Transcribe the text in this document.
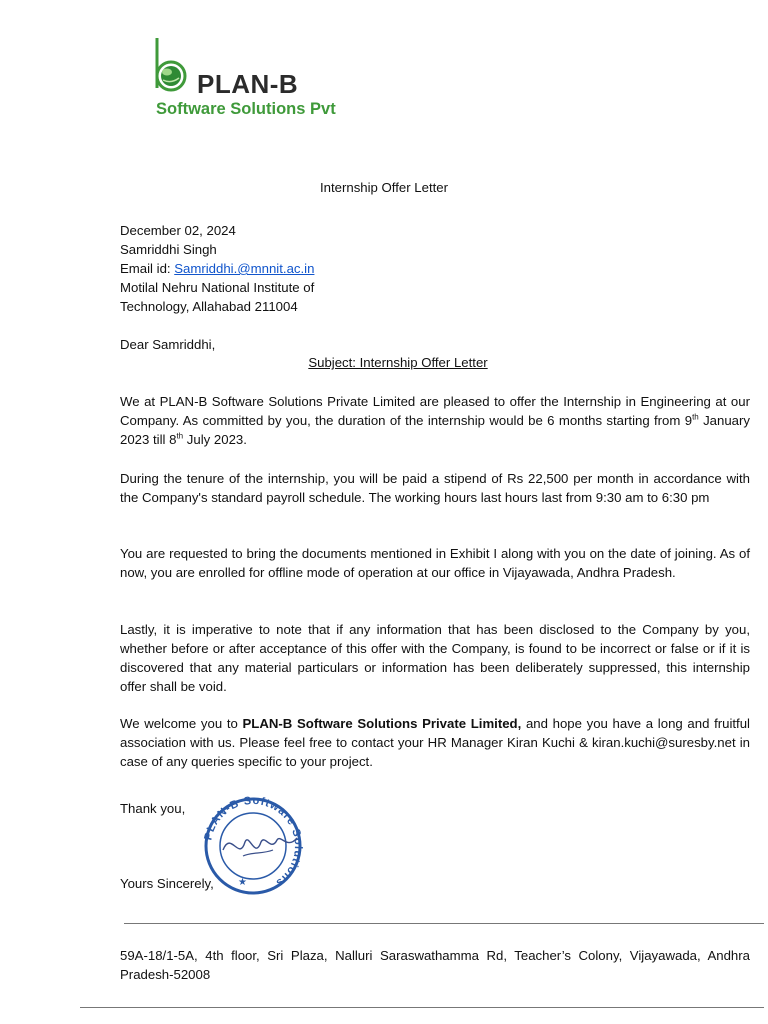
PLAN-B
Software Solutions Pvt
Internship Offer Letter
December 02, 2024
Samriddhi Singh
Email id: Samriddhi.@mnnit.ac.in
Motilal Nehru National Institute of
Technology, Allahabad 211004
Dear Samriddhi,
Subject: Internship Offer Letter
We at PLAN-B Software Solutions Private Limited are pleased to offer the Internship in Engineering at our Company. As committed by you, the duration of the internship would be 6 months starting from 9th January 2023 till 8th July 2023.
During the tenure of the internship, you will be paid a stipend of Rs 22,500 per month in accordance with the Company's standard payroll schedule. The working hours last hours last from 9:30 am to 6:30 pm
You are requested to bring the documents mentioned in Exhibit I along with you on the date of joining. As of now, you are enrolled for offline mode of operation at our office in Vijayawada, Andhra Pradesh.
Lastly, it is imperative to note that if any information that has been disclosed to the Company by you, whether before or after acceptance of this offer with the Company, is found to be incorrect or false or if it is discovered that any material particulars or information has been deliberately suppressed, this internship offer shall be void.
We welcome you to PLAN-B Software Solutions Private Limited, and hope you have a long and fruitful association with us. Please feel free to contact your HR Manager Kiran Kuchi & kiran.kuchi@suresby.net in case of any queries specific to your project.
Thank you,
PLAN-B Software Solutions
★
Yours Sincerely,
59A-18/1-5A, 4th floor, Sri Plaza, Nalluri Saraswathamma Rd, Teacher’s Colony, Vijayawada, Andhra Pradesh-52008
